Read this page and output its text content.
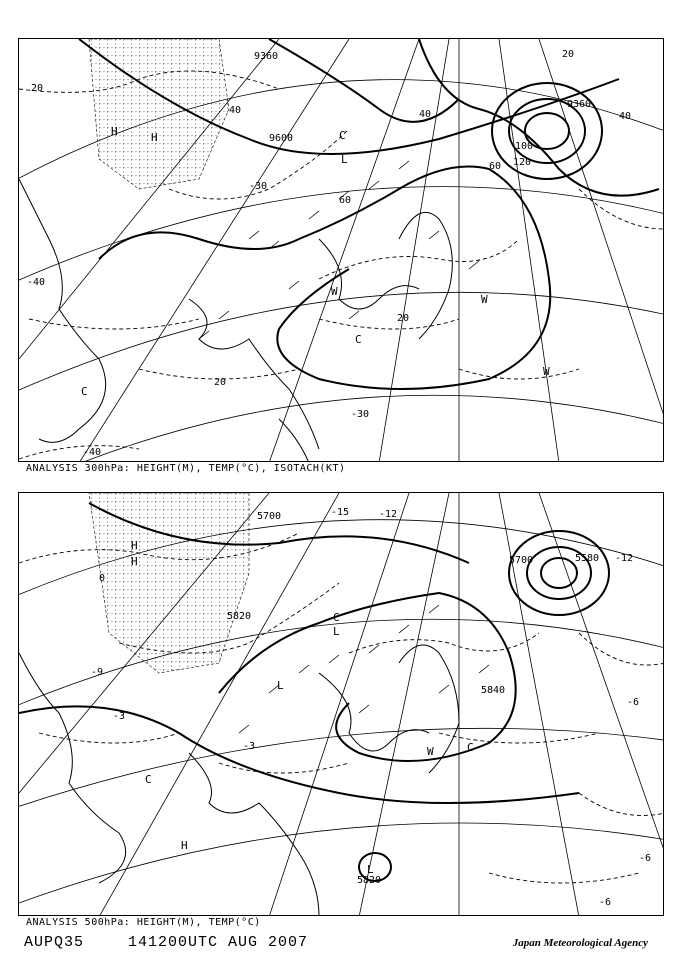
9360
9600
9360
20
40
60
100
120
40
20
20
20
40
60
-40
-40
-30
-30
H	H
L
C
W
W
C
W
C
ANALYSIS 300hPa: HEIGHT(M), TEMP(°C), ISOTACH(KT)
5700
5820
5700	5580
5840
5820
-15	-12
-12
-9
-6
-3
-6
-6
0
-3
H
H
C
L
L
C
H
W	C
L
ANALYSIS 500hPa: HEIGHT(M), TEMP(°C)
AUPQ35	141200UTC AUG 2007	Japan Meteorological Agency
